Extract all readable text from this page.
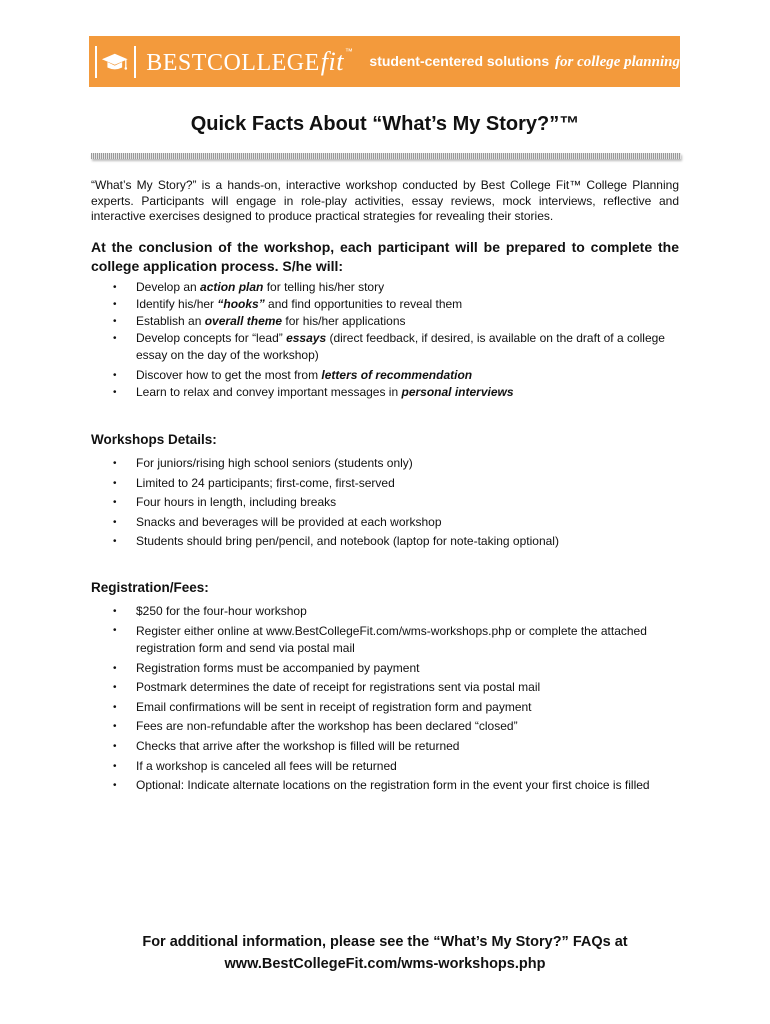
BESTCOLLEGEfit™
student-centered solutions for college planning
Quick Facts About “What’s My Story?”™

“What’s My Story?” is a hands-on, interactive workshop conducted by Best College Fit™ College Planning experts. Participants will engage in role-play activities, essay reviews, mock interviews, reflective and interactive exercises designed to produce practical strategies for revealing their stories.

At the conclusion of the workshop, each participant will be prepared to complete the college application process. S/he will:

• Develop an action plan for telling his/her story
• Identify his/her “hooks” and find opportunities to reveal them
• Establish an overall theme for his/her applications
• Develop concepts for “lead” essays (direct feedback, if desired, is available on the draft of a college essay on the day of the workshop)
• Discover how to get the most from letters of recommendation
• Learn to relax and convey important messages in personal interviews

Workshops Details:

• For juniors/rising high school seniors (students only)
• Limited to 24 participants; first-come, first-served
• Four hours in length, including breaks
• Snacks and beverages will be provided at each workshop
• Students should bring pen/pencil, and notebook (laptop for note-taking optional)

Registration/Fees:

• $250 for the four-hour workshop
• Register either online at www.BestCollegeFit.com/wms-workshops.php or complete the attached registration form and send via postal mail
• Registration forms must be accompanied by payment
• Postmark determines the date of receipt for registrations sent via postal mail
• Email confirmations will be sent in receipt of registration form and payment
• Fees are non-refundable after the workshop has been declared “closed”
• Checks that arrive after the workshop is filled will be returned
• If a workshop is canceled all fees will be returned
• Optional: Indicate alternate locations on the registration form in the event your first choice is filled

For additional information, please see the “What’s My Story?” FAQs at
www.BestCollegeFit.com/wms-workshops.php
